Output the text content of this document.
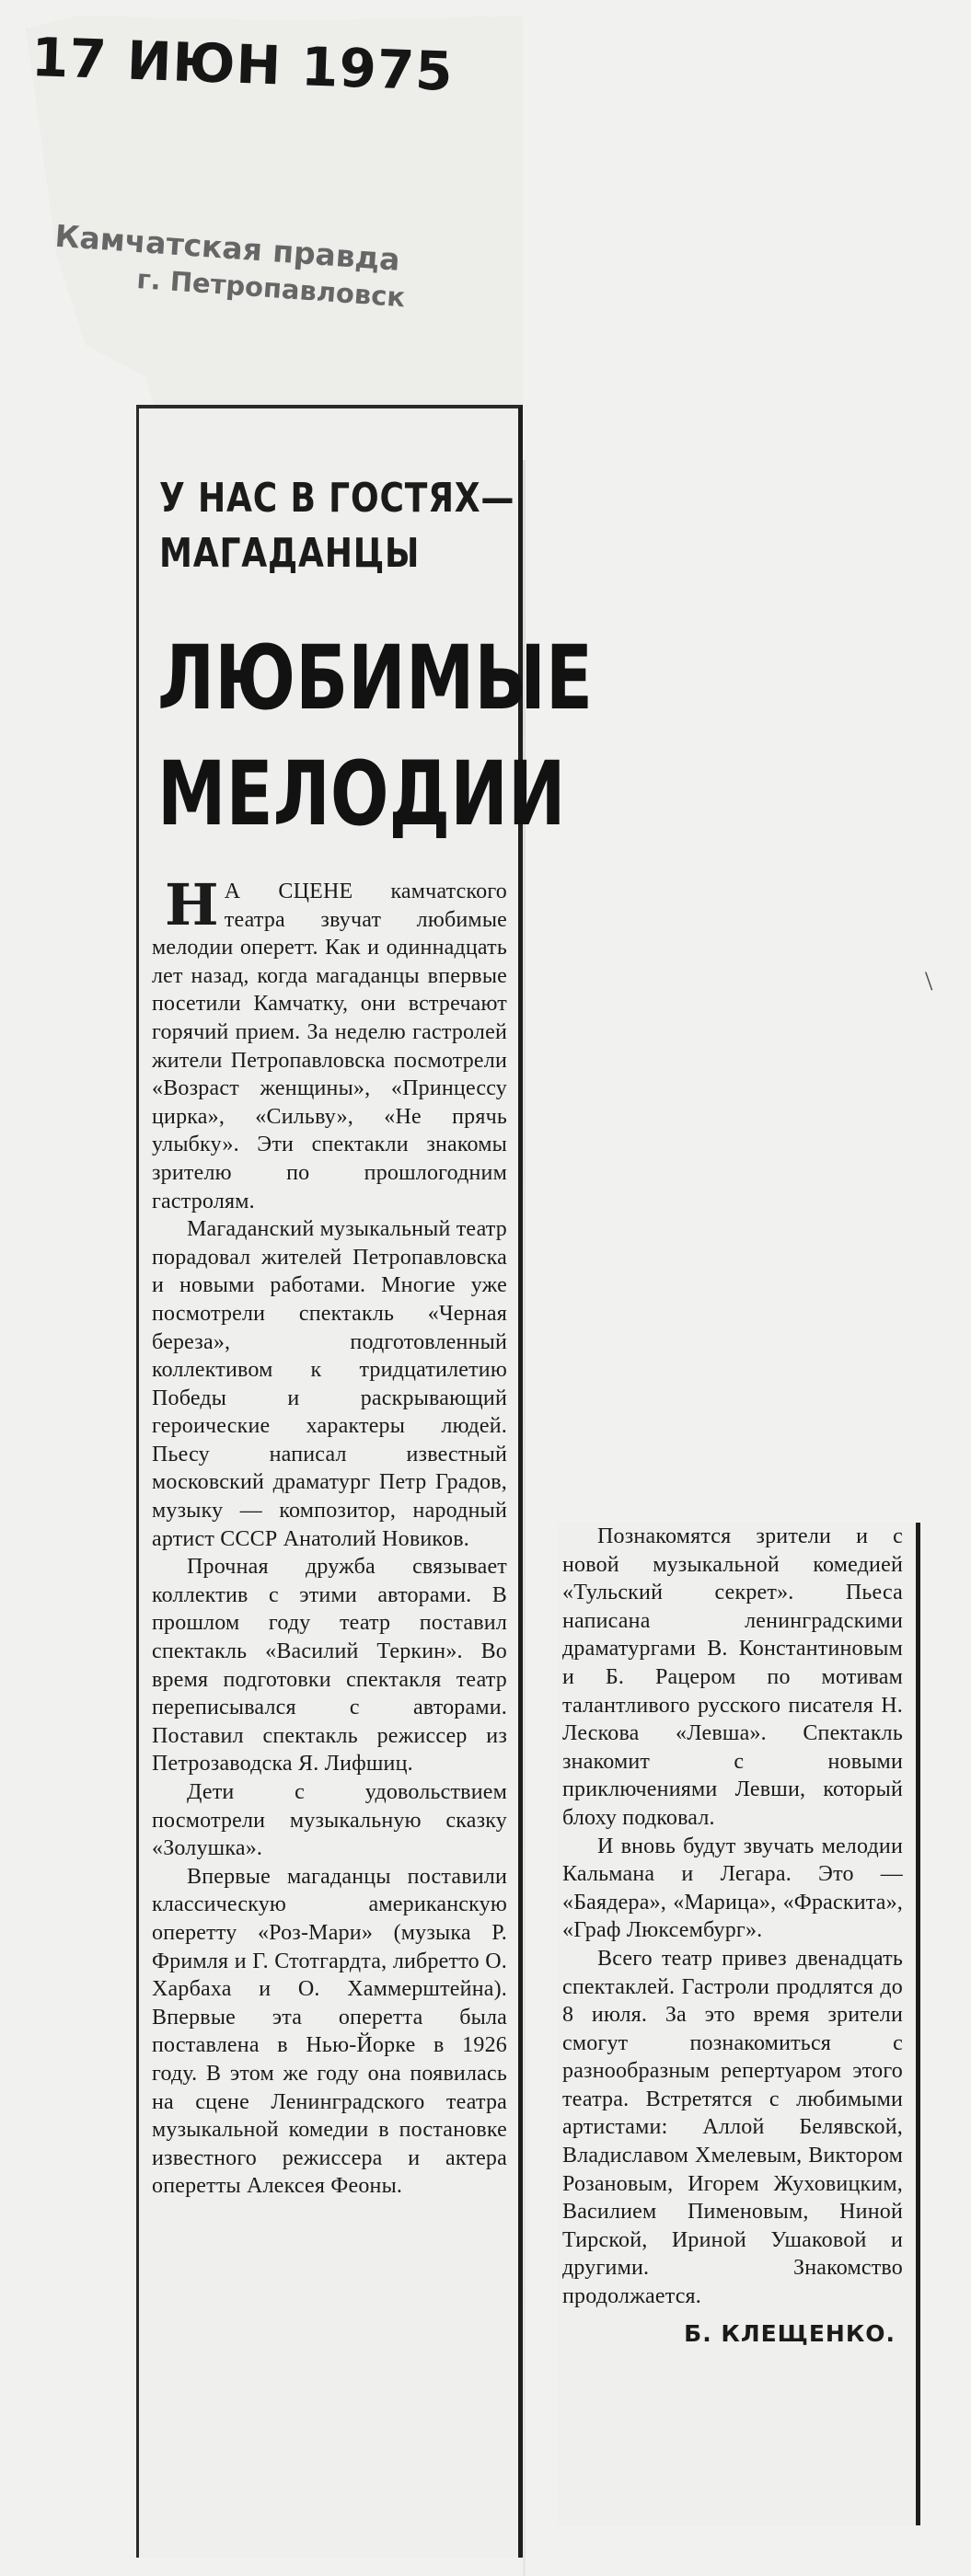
17 ИЮН 1975
Камчатская правда
г. Петропавловск
У НАС В ГОСТЯХ—
МАГАДАНЦЫ
ЛЮБИМЫЕ
МЕЛОДИИ

Н А СЦЕНЕ камчатского театра звучат любимые мелодии оперетт. Как и одиннадцать лет назад, когда магаданцы впервые посетили Камчатку, они встречают горячий прием. За неделю гастролей жители Петропавловска посмотрели «Возраст женщины», «Принцессу цирка», «Сильву», «Не прячь улыбку». Эти спектакли знакомы зрителю по прошлогодним гастролям.

Магаданский музыкальный театр порадовал жителей Петропавловска и новыми работами. Многие уже посмотрели спектакль «Черная береза», подготовленный коллективом к тридцатилетию Победы и раскрывающий героические характеры людей. Пьесу написал известный московский драматург Петр Градов, музыку — композитор, народный артист СССР Анатолий Новиков.

Прочная дружба связывает коллектив с этими авторами. В прошлом году театр поставил спектакль «Василий Теркин». Во время подготовки спектакля театр переписывался с авторами. Поставил спектакль режиссер из Петрозаводска Я. Лифшиц.

Дети с удовольствием посмотрели музыкальную сказку «Золушка».

Впервые магаданцы поставили классическую американскую оперетту «Роз-Мари» (музыка Р. Фримля и Г. Стотгардта, либретто О. Харбаха и О. Хаммерштейна). Впервые эта оперетта была поставлена в Нью-Йорке в 1926 году. В этом же году она появилась на сцене Ленинградского театра музыкальной комедии в постановке известного режиссера и актера оперетты Алексея Феоны.

Познакомятся зрители и с новой музыкальной комедией «Тульский секрет». Пьеса написана ленинградскими драматургами В. Константиновым и Б. Рацером по мотивам талантливого русского писателя Н. Лескова «Левша». Спектакль знакомит с новыми приключениями Левши, который блоху подковал.

И вновь будут звучать мелодии Кальмана и Легара. Это — «Баядера», «Марица», «Фраскита», «Граф Люксембург».

Всего театр привез двенадцать спектаклей. Гастроли продлятся до 8 июля. За это время зрители смогут познакомиться с разнообразным репертуаром этого театра. Встретятся с любимыми артистами: Аллой Белявской, Владиславом Хмелевым, Виктором Розановым, Игорем Жуховицким, Василием Пименовым, Ниной Тирской, Ириной Ушаковой и другими. Знакомство продолжается.

Б. КЛЕЩЕНКО.
\
